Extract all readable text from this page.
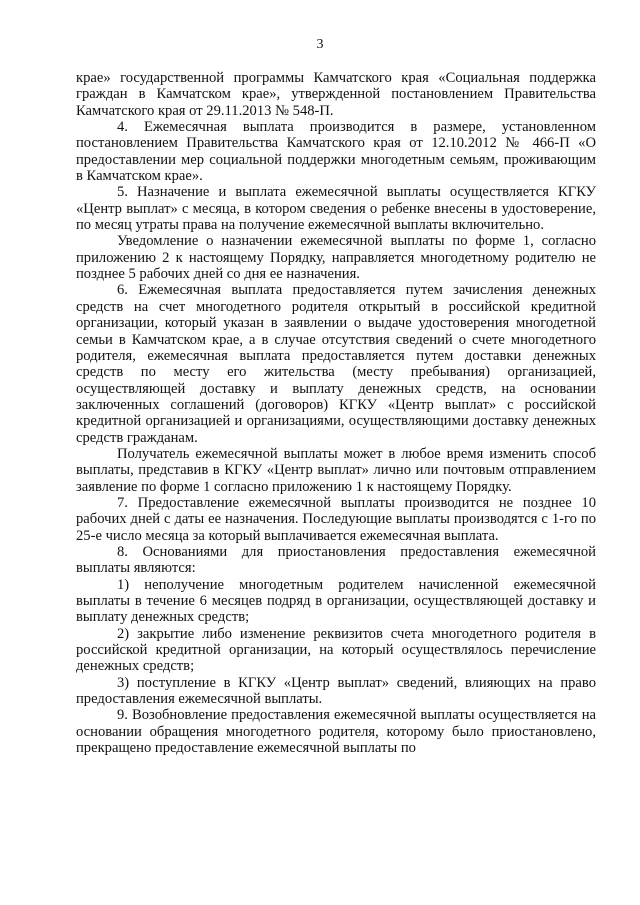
3

крае» государственной программы Камчатского края «Социальная поддержка граждан в Камчатском крае», утвержденной постановлением Правительства Камчатского края от 29.11.2013 № 548-П.

4. Ежемесячная выплата производится в размере, установленном постановлением Правительства Камчатского края от 12.10.2012 № 466-П «О предоставлении мер социальной поддержки многодетным семьям, проживающим в Камчатском крае».

5. Назначение и выплата ежемесячной выплаты осуществляется КГКУ «Центр выплат» с месяца, в котором сведения о ребенке внесены в удостоверение, по месяц утраты права на получение ежемесячной выплаты включительно.

Уведомление о назначении ежемесячной выплаты по форме 1, согласно приложению 2 к настоящему Порядку, направляется многодетному родителю не позднее 5 рабочих дней со дня ее назначения.

6. Ежемесячная выплата предоставляется путем зачисления денежных средств на счет многодетного родителя открытый в российской кредитной организации, который указан в заявлении о выдаче удостоверения многодетной семьи в Камчатском крае, а в случае отсутствия сведений о счете многодетного родителя, ежемесячная выплата предоставляется путем доставки денежных средств по месту его жительства (месту пребывания) организацией, осуществляющей доставку и выплату денежных средств, на основании заключенных соглашений (договоров) КГКУ «Центр выплат» с российской кредитной организацией и организациями, осуществляющими доставку денежных средств гражданам.

Получатель ежемесячной выплаты может в любое время изменить способ выплаты, представив в КГКУ «Центр выплат» лично или почтовым отправлением заявление по форме 1 согласно приложению 1 к настоящему Порядку.

7. Предоставление ежемесячной выплаты производится не позднее 10 рабочих дней с даты ее назначения. Последующие выплаты производятся с 1-го по 25-е число месяца за который выплачивается ежемесячная выплата.

8. Основаниями для приостановления предоставления ежемесячной выплаты являются:

1) неполучение многодетным родителем начисленной ежемесячной выплаты в течение 6 месяцев подряд в организации, осуществляющей доставку и выплату денежных средств;

2) закрытие либо изменение реквизитов счета многодетного родителя в российской кредитной организации, на который осуществлялось перечисление денежных средств;

3) поступление в КГКУ «Центр выплат» сведений, влияющих на право предоставления ежемесячной выплаты.

9. Возобновление предоставления ежемесячной выплаты осуществляется на основании обращения многодетного родителя, которому было приостановлено, прекращено предоставление ежемесячной выплаты по
